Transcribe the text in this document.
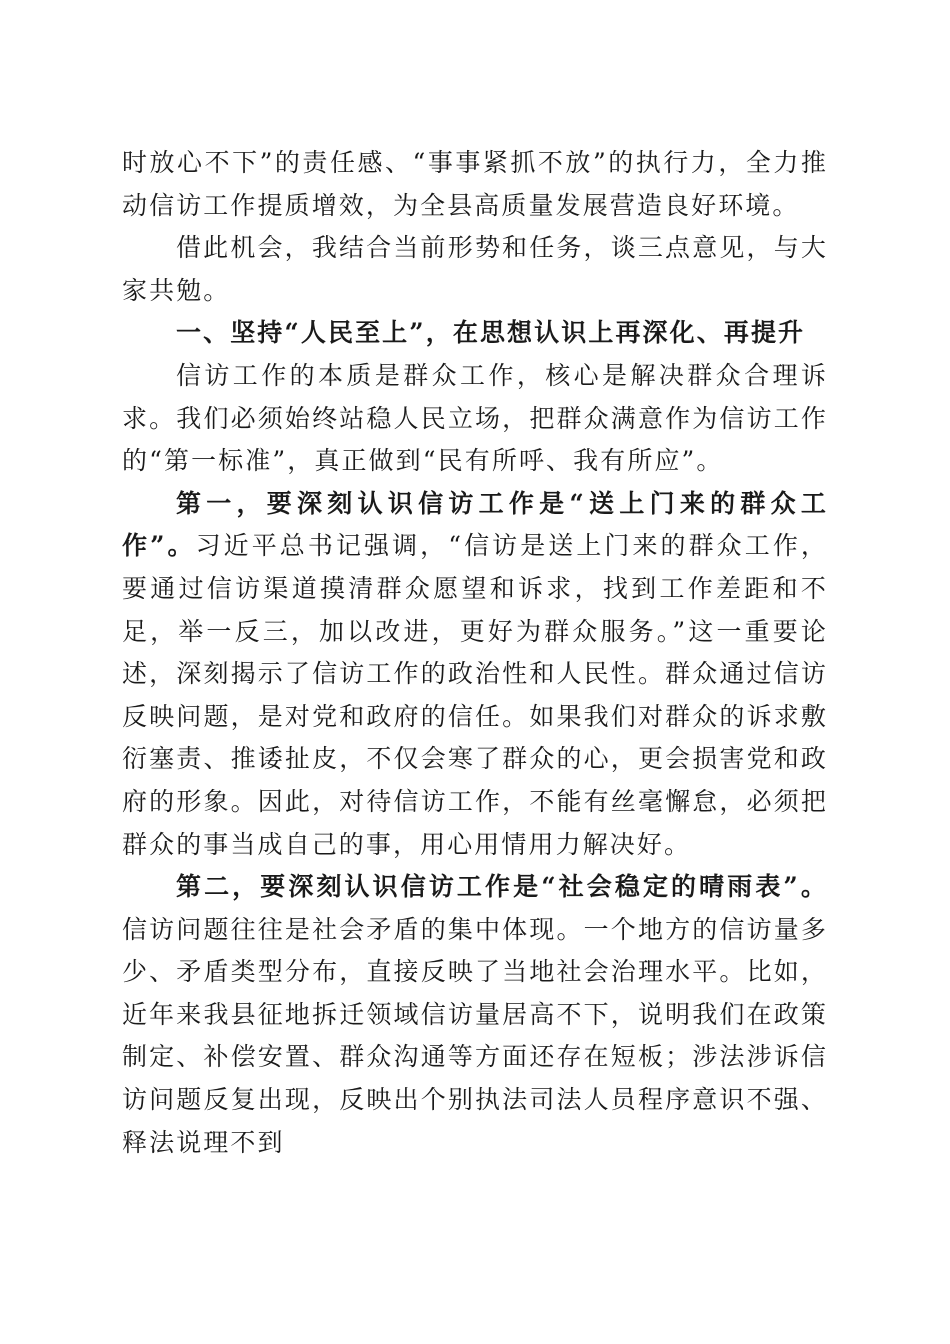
时放心不下”的责任感、“事事紧抓不放”的执行力，全力推动信访工作提质增效，为全县高质量发展营造良好环境。

借此机会，我结合当前形势和任务，谈三点意见，与大家共勉。

一、坚持“人民至上”，在思想认识上再深化、再提升

信访工作的本质是群众工作，核心是解决群众合理诉求。我们必须始终站稳人民立场，把群众满意作为信访工作的“第一标准”，真正做到“民有所呼、我有所应”。

第一，要深刻认识信访工作是“送上门来的群众工作”。习近平总书记强调，“信访是送上门来的群众工作，要通过信访渠道摸清群众愿望和诉求，找到工作差距和不足，举一反三，加以改进，更好为群众服务。”这一重要论述，深刻揭示了信访工作的政治性和人民性。群众通过信访反映问题，是对党和政府的信任。如果我们对群众的诉求敷衍塞责、推诿扯皮，不仅会寒了群众的心，更会损害党和政府的形象。因此，对待信访工作，不能有丝毫懈怠，必须把群众的事当成自己的事，用心用情用力解决好。

第二，要深刻认识信访工作是“社会稳定的晴雨表”。信访问题往往是社会矛盾的集中体现。一个地方的信访量多少、矛盾类型分布，直接反映了当地社会治理水平。比如，近年来我县征地拆迁领域信访量居高不下，说明我们在政策制定、补偿安置、群众沟通等方面还存在短板；涉法涉诉信访问题反复出现，反映出个别执法司法人员程序意识不强、释法说理不到
